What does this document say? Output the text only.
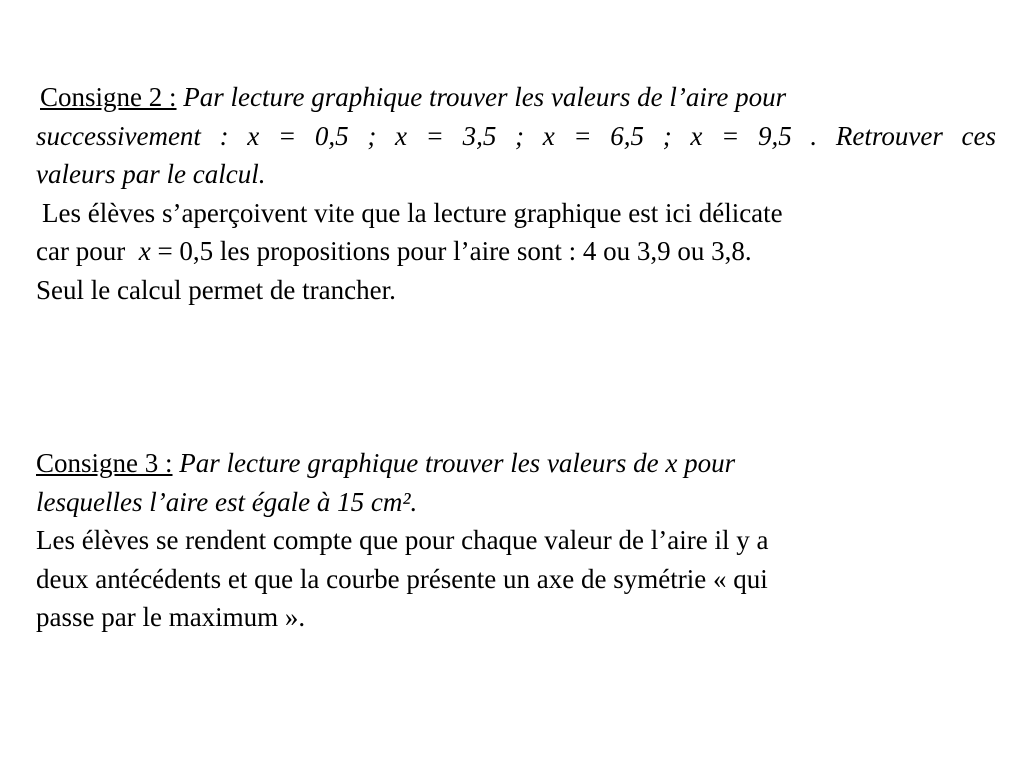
Consigne 2 : Par lecture graphique trouver les valeurs de l’aire pour
successivement : x = 0,5 ; x = 3,5 ; x = 6,5 ; x = 9,5 . Retrouver ces
valeurs par le calcul.
Les élèves s’aperçoivent vite que la lecture graphique est ici délicate
car pour  x = 0,5 les propositions pour l’aire sont : 4 ou 3,9 ou 3,8.
Seul le calcul permet de trancher.
Consigne 3 : Par lecture graphique trouver les valeurs de x pour
lesquelles l’aire est égale à 15 cm².
Les élèves se rendent compte que pour chaque valeur de l’aire il y a
deux antécédents et que la courbe présente un axe de symétrie « qui
passe par le maximum ».
